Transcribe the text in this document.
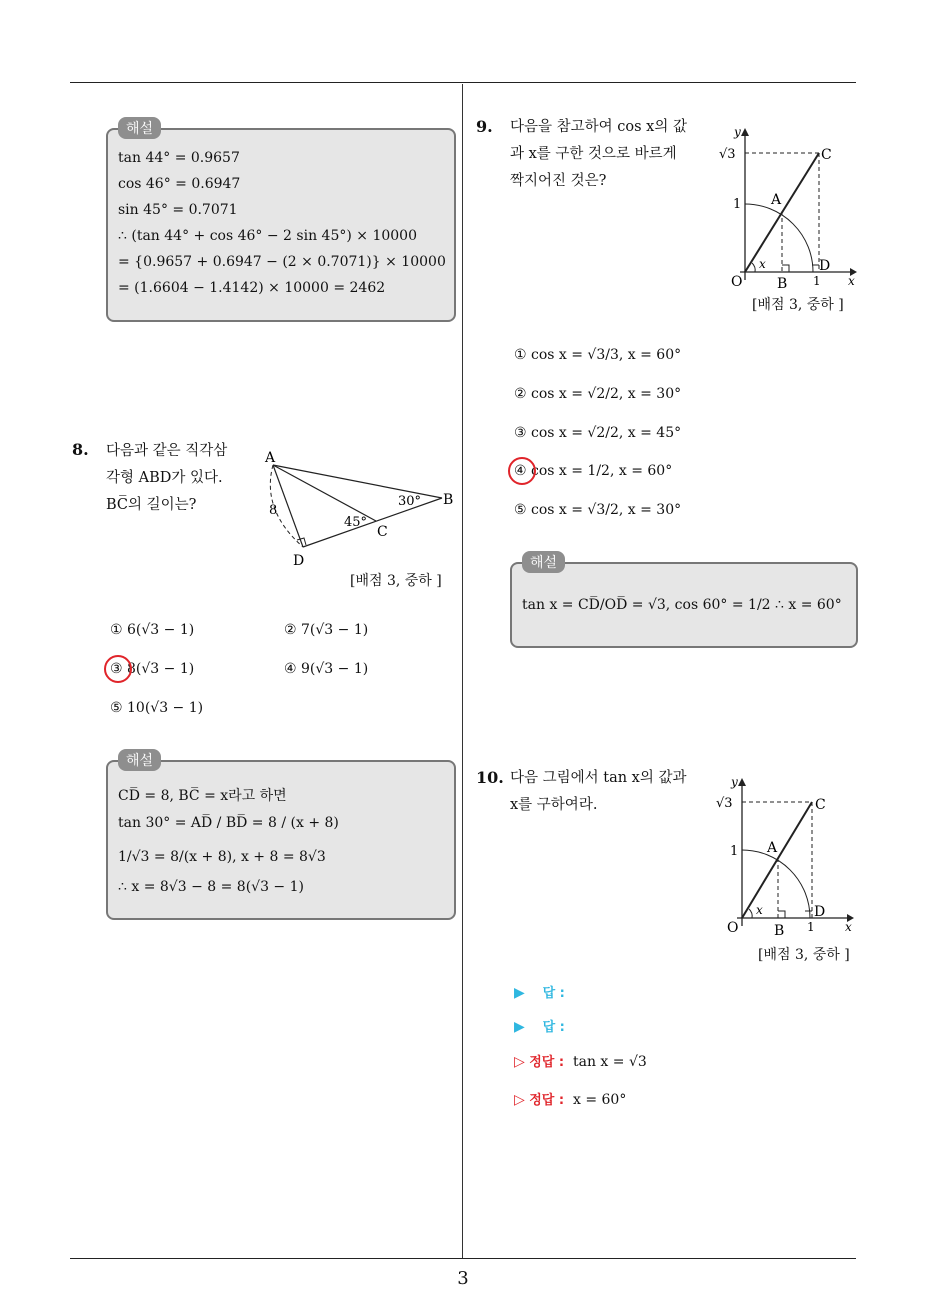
3
해설
tan 44° = 0.9657
cos 46° = 0.6947
sin 45° = 0.7071
∴ (tan 44° + cos 46° − 2 sin 45°) × 10000
= {0.9657 + 0.6947 − (2 × 0.7071)} × 10000
= (1.6604 − 1.4142) × 10000 = 2462
8. 다음과 같은 직각삼
각형 ABD가 있다.
BC̅의 길이는?
A
B
C
D
8
30°
45°
[배점 3, 중하 ]
① 6(√3 − 1)	② 7(√3 − 1)
③ 8(√3 − 1)	④ 9(√3 − 1)
⑤ 10(√3 − 1)
해설
CD̅ = 8, BC̅ = x라고 하면
tan 30° = AD̅ / BD̅ = 8 / (x + 8)
1/√3 = 8/(x + 8), x + 8 = 8√3
∴ x = 8√3 − 8 = 8(√3 − 1)
9. 다음을 참고하여 cos x의 값
과 x를 구한 것으로 바르게
짝지어진 것은?
y
x
√3
1
1
O
A
B
C
D
x
[배점 3, 중하 ]
① cos x = √3/3, x = 60°
② cos x = √2/2, x = 30°
③ cos x = √2/2, x = 45°
④ cos x = 1/2, x = 60°
⑤ cos x = √3/2, x = 30°
해설
tan x = CD̅/OD̅ = √3, cos 60° = 1/2 ∴ x = 60°
10. 다음 그림에서 tan x의 값과
x를 구하여라.
y
x
√3
1
1
O
A
B
C
D
x
[배점 3, 중하 ]
▶ 답 :
▶ 답 :
▷ 정답 : tan x = √3
▷ 정답 : x = 60°
